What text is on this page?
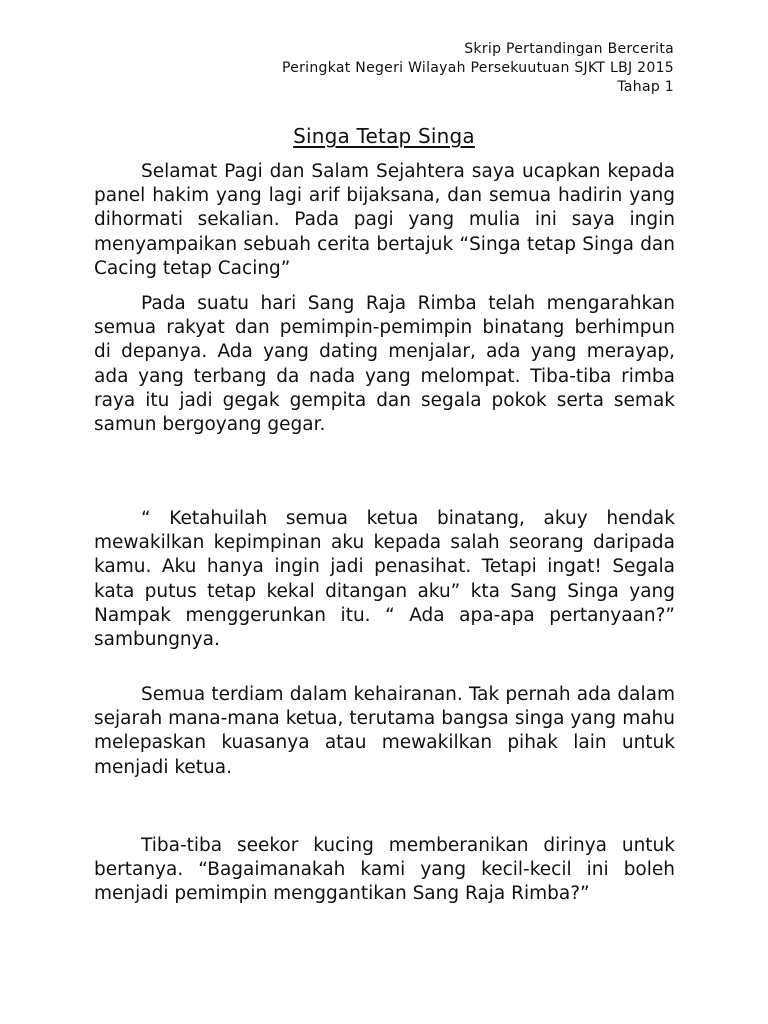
Skrip Pertandingan Bercerita
Peringkat Negeri Wilayah Persekuutuan SJKT LBJ 2015
Tahap 1
Singa Tetap Singa

Selamat Pagi dan Salam Sejahtera saya ucapkan kepada panel hakim yang lagi arif bijaksana, dan semua hadirin yang dihormati sekalian. Pada pagi yang mulia ini saya ingin menyampaikan sebuah cerita bertajuk “Singa tetap Singa dan Cacing tetap Cacing”

Pada suatu hari Sang Raja Rimba telah mengarahkan semua rakyat dan pemimpin-pemimpin binatang berhimpun di depanya. Ada yang dating menjalar, ada yang merayap, ada yang terbang da nada yang melompat. Tiba-tiba rimba raya itu jadi gegak gempita dan segala pokok serta semak samun bergoyang gegar.

“ Ketahuilah semua ketua binatang, akuy hendak mewakilkan kepimpinan aku kepada salah seorang daripada kamu. Aku hanya ingin jadi penasihat. Tetapi ingat! Segala kata putus tetap kekal ditangan aku” kta Sang Singa yang Nampak menggerunkan itu. “ Ada apa-apa pertanyaan?” sambungnya.

Semua terdiam dalam kehairanan. Tak pernah ada dalam sejarah mana-mana ketua, terutama bangsa singa yang mahu melepaskan kuasanya atau mewakilkan pihak lain untuk menjadi ketua.

Tiba-tiba seekor kucing memberanikan dirinya untuk bertanya. “Bagaimanakah kami yang kecil-kecil ini boleh menjadi pemimpin menggantikan Sang Raja Rimba?”
